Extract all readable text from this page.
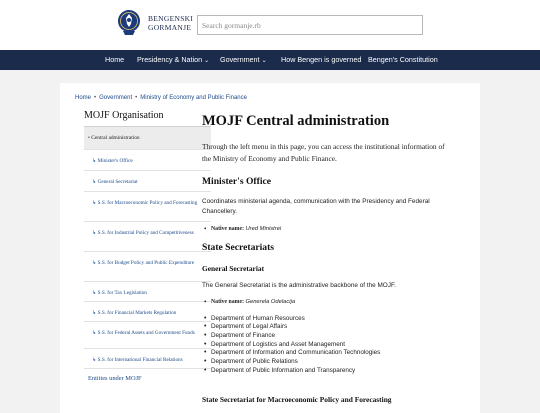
BENGENSKI
GORMANJE
Search gormanje.rb
Home Presidency & Nation ⌄ Government ⌄ How Bengen is governed Bengen's Constitution
Home • Government • Ministry of Economy and Public Finance
MOJF Organisation
• Central administration
↳ Minister's Office
↳ General Secretariat
↳ S.S. for Macroeconomic Policy and Forecasting
↳ S.S. for Industrial Policy and Competitiveness
↳ S.S. for Budget Policy and Public Expenditure
↳ S.S. for Tax Legislation
↳ S.S. for Financial Markets Regulation
↳ S.S. for Federal Assets and Government Funds
↳ S.S. for International Financial Relations
Entities under MOJF
MOJF Central administration
Through the left menu in this page, you can access the institutional information of the Ministry of Economy and Public Finance.
Minister's Office
Coordinates ministerial agenda, communication with the Presidency and Federal Chancellery.
• Native name: Ured Ministrei
State Secretariats
General Secretariat
The General Secretariat is the administrative backbone of the MOJF.
• Native name: Generela Odelacija
• Department of Human Resources
• Department of Legal Affairs
• Department of Finance
• Department of Logistics and Asset Management
• Department of Information and Communication Technologies
• Department of Public Relations
• Department of Public Information and Transparency
State Secretariat for Macroeconomic Policy and Forecasting
